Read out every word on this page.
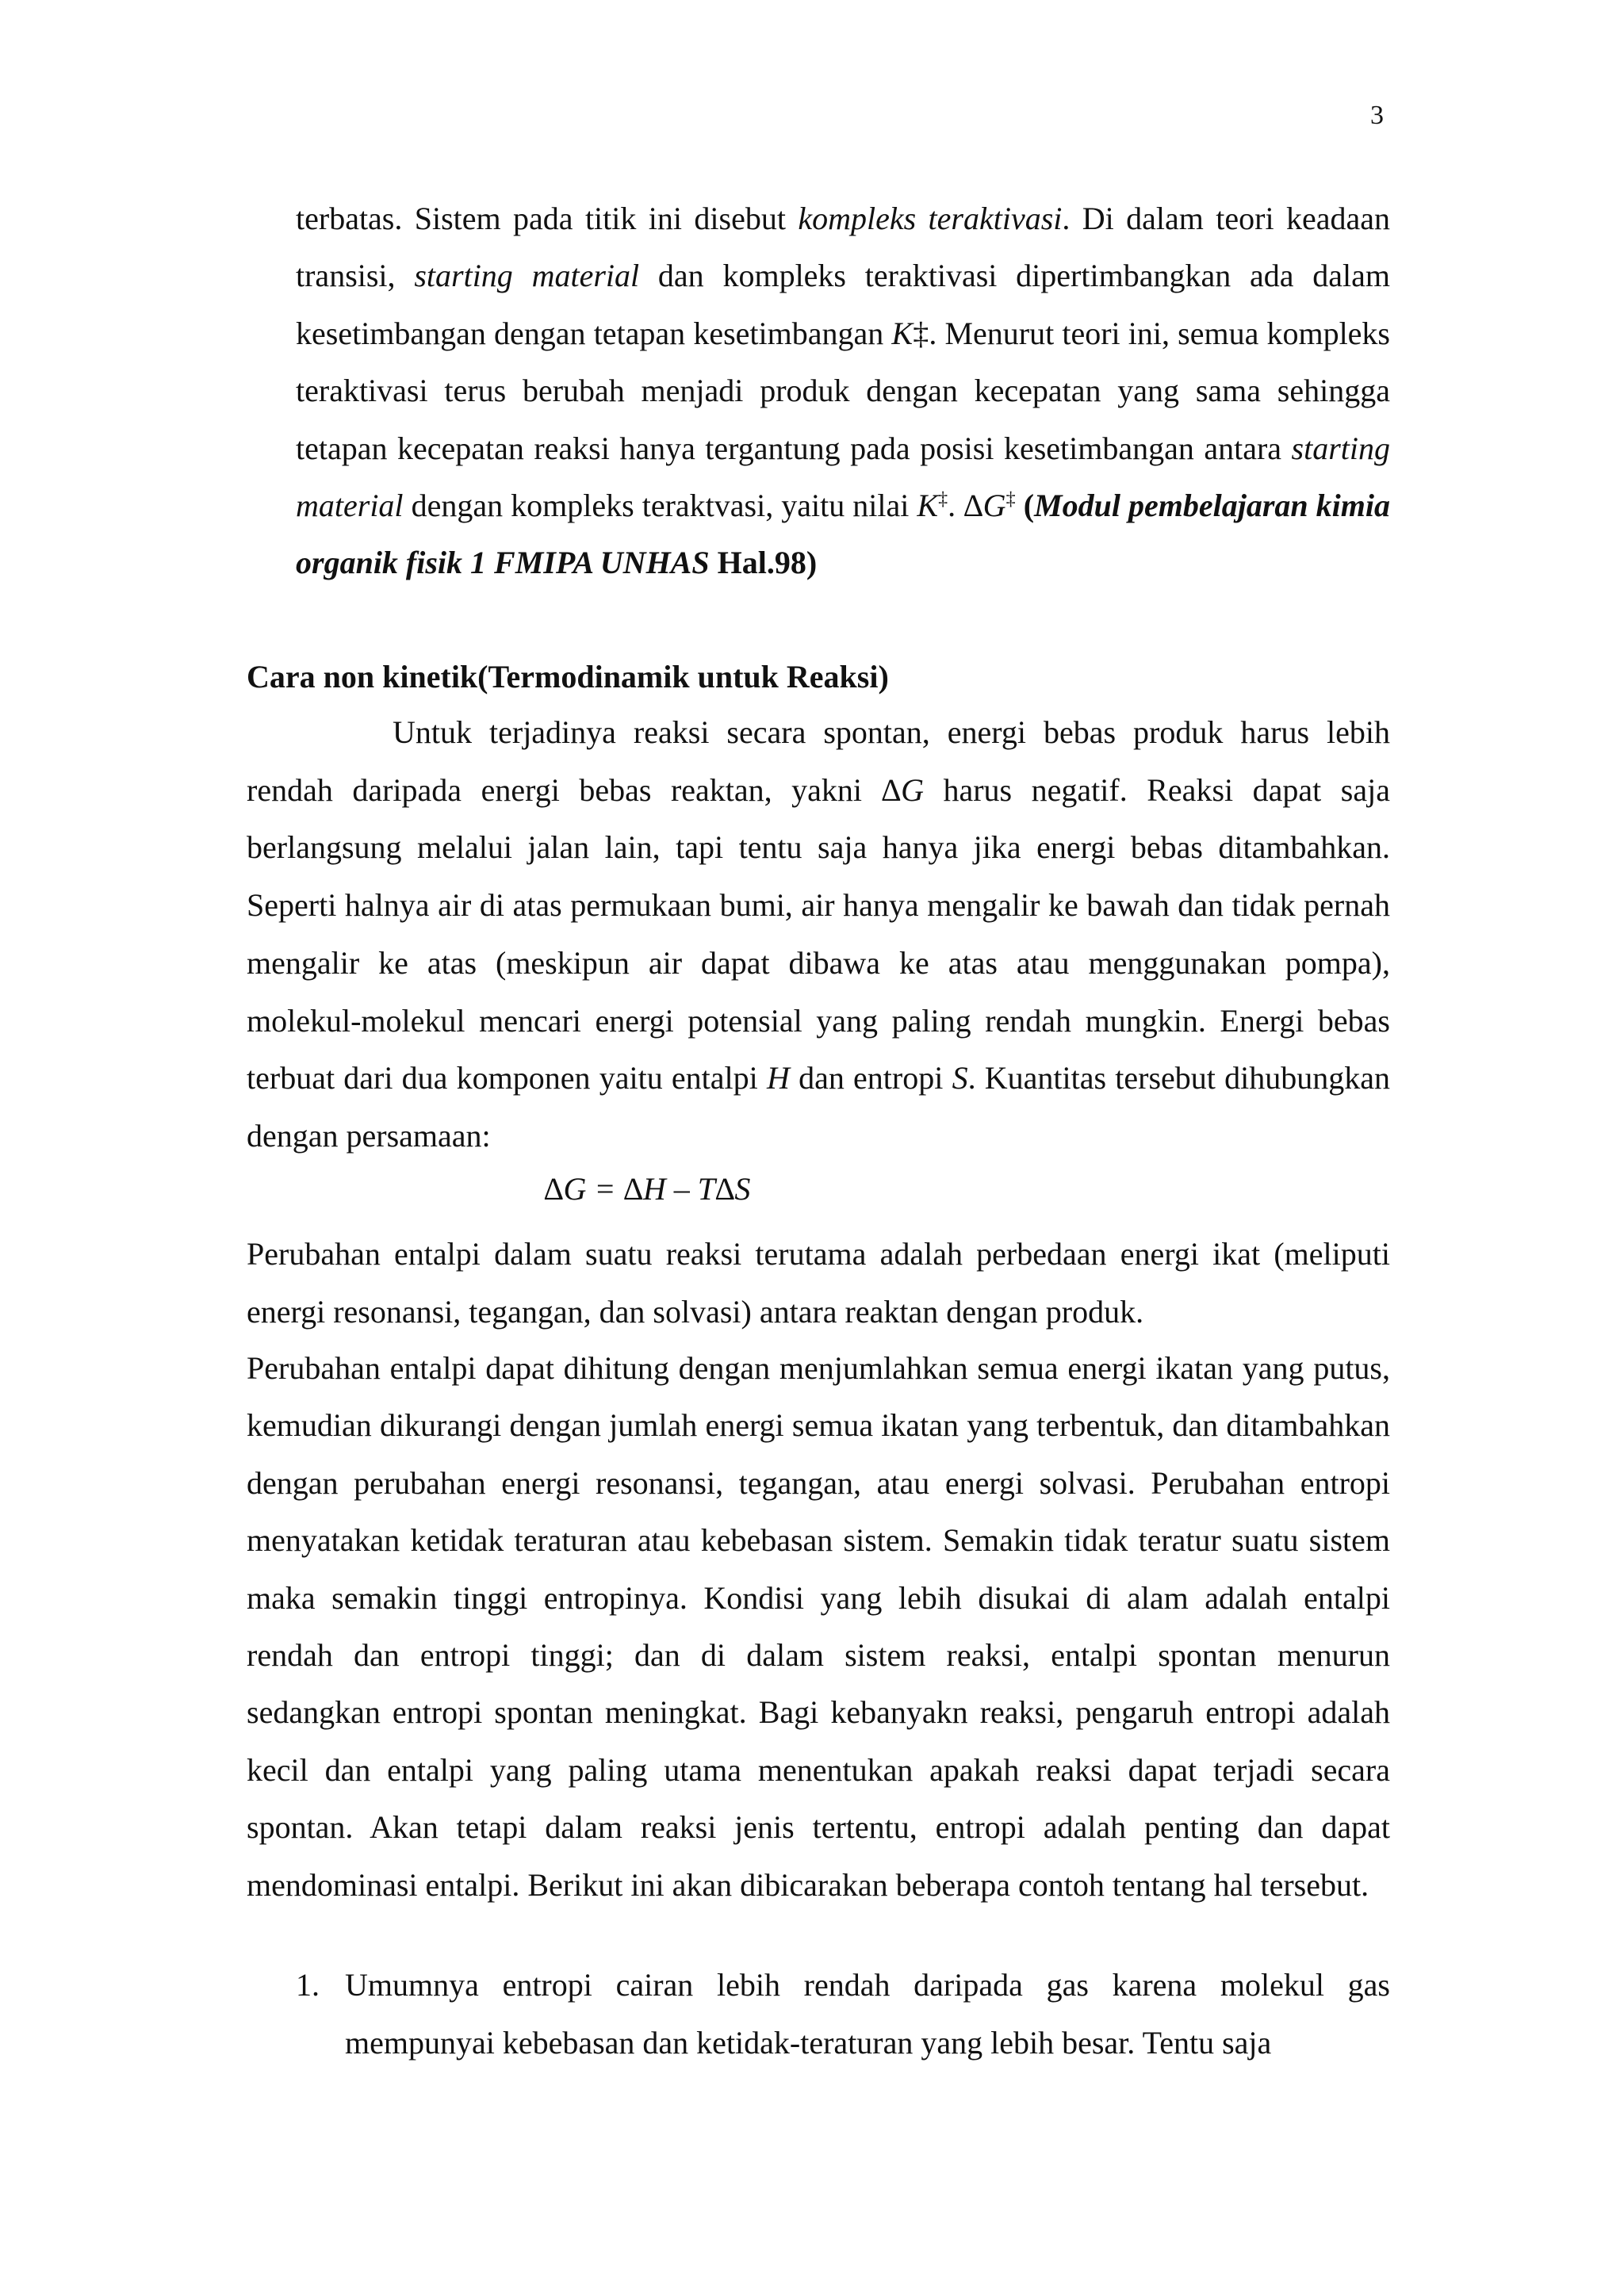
3

terbatas. Sistem pada titik ini disebut kompleks teraktivasi. Di dalam teori keadaan transisi, starting material dan kompleks teraktivasi dipertimbangkan ada dalam kesetimbangan dengan tetapan kesetimbangan K‡. Menurut teori ini, semua kompleks teraktivasi terus berubah menjadi produk dengan kecepatan yang sama sehingga tetapan kecepatan reaksi hanya tergantung pada posisi kesetimbangan antara starting material dengan kompleks teraktvasi, yaitu nilai K‡. ∆G‡ (Modul pembelajaran kimia organik fisik 1 FMIPA UNHAS Hal.98)

Cara non kinetik(Termodinamik untuk Reaksi)

Untuk terjadinya reaksi secara spontan, energi bebas produk harus lebih rendah daripada energi bebas reaktan, yakni ∆G harus negatif. Reaksi dapat saja berlangsung melalui jalan lain, tapi tentu saja hanya jika energi bebas ditambahkan. Seperti halnya air di atas permukaan bumi, air hanya mengalir ke bawah dan tidak pernah mengalir ke atas (meskipun air dapat dibawa ke atas atau menggunakan pompa), molekul-molekul mencari energi potensial yang paling rendah mungkin. Energi bebas terbuat dari dua komponen yaitu entalpi H dan entropi S. Kuantitas tersebut dihubungkan dengan persamaan:

∆G = ∆H – T∆S

Perubahan entalpi dalam suatu reaksi terutama adalah perbedaan energi ikat (meliputi energi resonansi, tegangan, dan solvasi) antara reaktan dengan produk.

Perubahan entalpi dapat dihitung dengan menjumlahkan semua energi ikatan yang putus, kemudian dikurangi dengan jumlah energi semua ikatan yang terbentuk, dan ditambahkan dengan perubahan energi resonansi, tegangan, atau energi solvasi. Perubahan entropi menyatakan ketidak teraturan atau kebebasan sistem. Semakin tidak teratur suatu sistem maka semakin tinggi entropinya. Kondisi yang lebih disukai di alam adalah entalpi rendah dan entropi tinggi; dan di dalam sistem reaksi, entalpi spontan menurun sedangkan entropi spontan meningkat. Bagi kebanyakn reaksi, pengaruh entropi adalah kecil dan entalpi yang paling utama menentukan apakah reaksi dapat terjadi secara spontan. Akan tetapi dalam reaksi jenis tertentu, entropi adalah penting dan dapat mendominasi entalpi. Berikut ini akan dibicarakan beberapa contoh tentang hal tersebut.

1. Umumnya entropi cairan lebih rendah daripada gas karena molekul gas mempunyai kebebasan dan ketidak-teraturan yang lebih besar. Tentu saja
